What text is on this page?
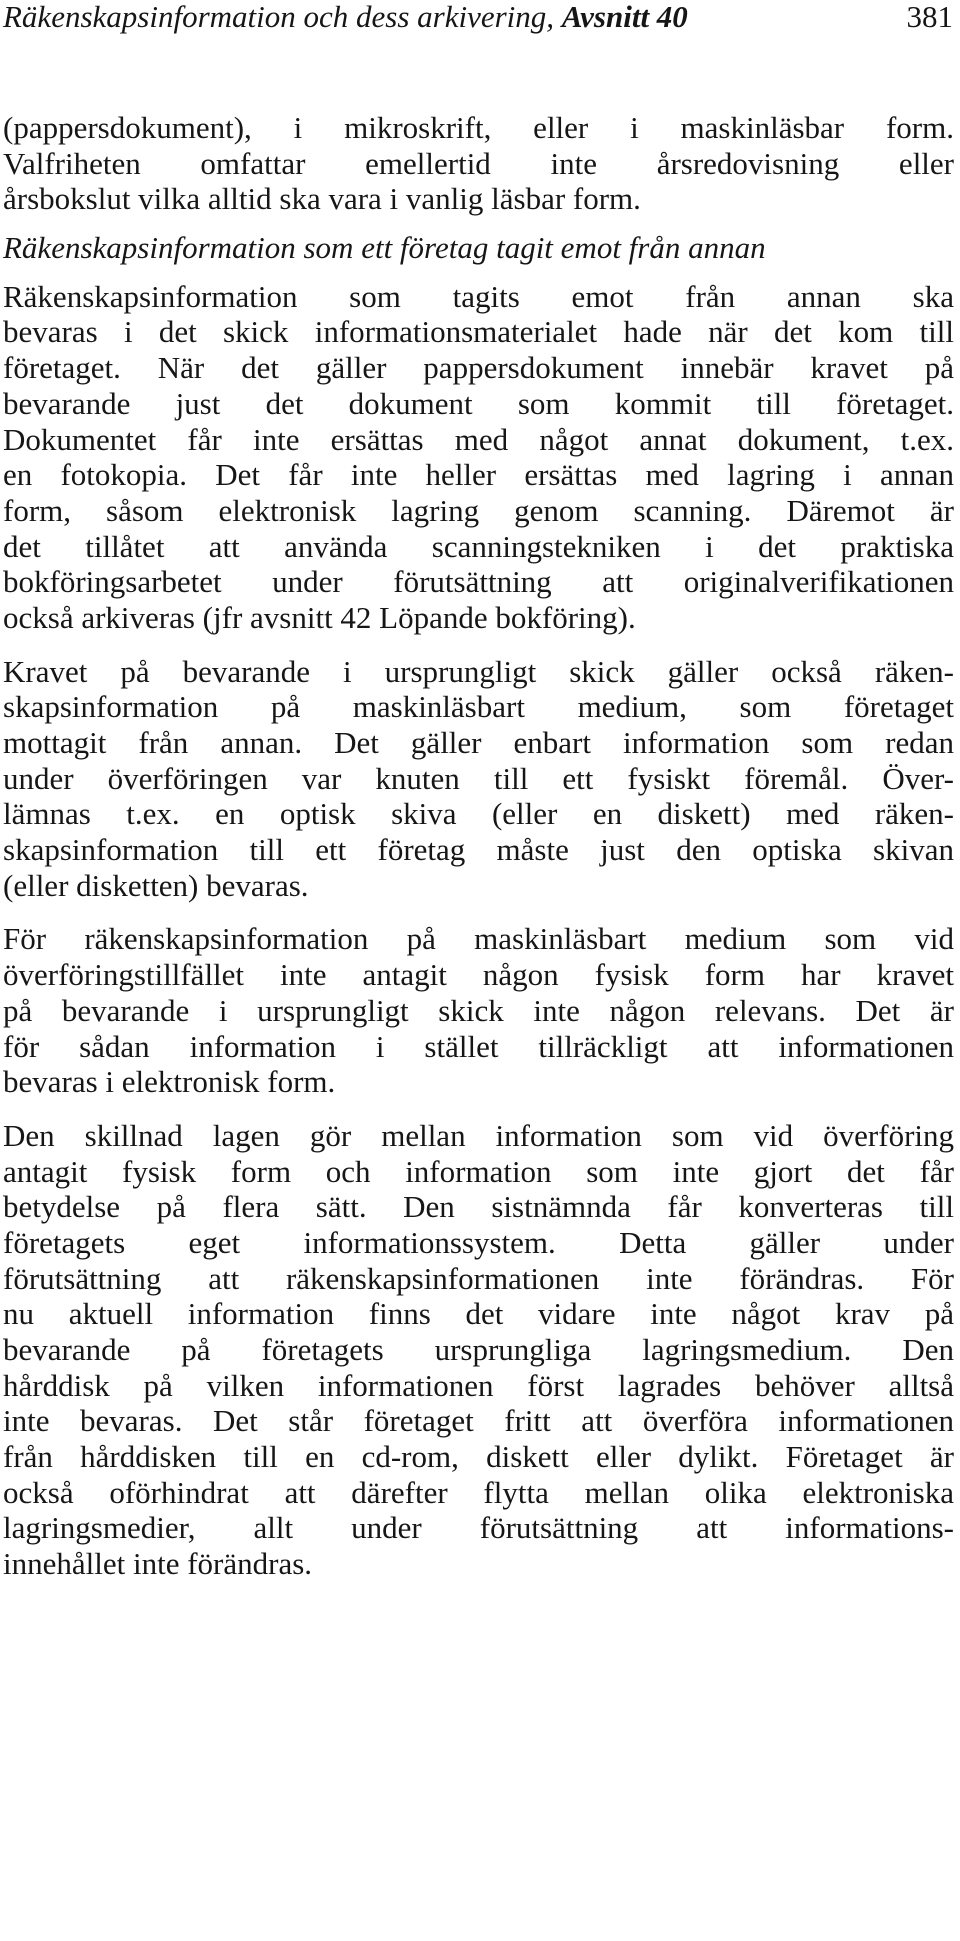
Räkenskapsinformation och dess arkivering, Avsnitt 40	381
(pappersdokument), i mikroskrift, eller i maskinläsbar form.
Valfriheten omfattar emellertid inte årsredovisning eller
årsbokslut vilka alltid ska vara i vanlig läsbar form.
Räkenskapsinformation som ett företag tagit emot från annan
Räkenskapsinformation som tagits emot från annan ska
bevaras i det skick informationsmaterialet hade när det kom till
företaget. När det gäller pappersdokument innebär kravet på
bevarande just det dokument som kommit till företaget.
Dokumentet får inte ersättas med något annat dokument, t.ex.
en fotokopia. Det får inte heller ersättas med lagring i annan
form, såsom elektronisk lagring genom scanning. Däremot är
det tillåtet att använda scanningstekniken i det praktiska
bokföringsarbetet under förutsättning att originalverifikationen
också arkiveras (jfr avsnitt 42 Löpande bokföring).
Kravet på bevarande i ursprungligt skick gäller också räken-
skapsinformation på maskinläsbart medium, som företaget
mottagit från annan. Det gäller enbart information som redan
under överföringen var knuten till ett fysiskt föremål. Över-
lämnas t.ex. en optisk skiva (eller en diskett) med räken-
skapsinformation till ett företag måste just den optiska skivan
(eller disketten) bevaras.
För räkenskapsinformation på maskinläsbart medium som vid
överföringstillfället inte antagit någon fysisk form har kravet
på bevarande i ursprungligt skick inte någon relevans. Det är
för sådan information i stället tillräckligt att informationen
bevaras i elektronisk form.
Den skillnad lagen gör mellan information som vid överföring
antagit fysisk form och information som inte gjort det får
betydelse på flera sätt. Den sistnämnda får konverteras till
företagets eget informationssystem. Detta gäller under
förutsättning att räkenskapsinformationen inte förändras. För
nu aktuell information finns det vidare inte något krav på
bevarande på företagets ursprungliga lagringsmedium. Den
hårddisk på vilken informationen först lagrades behöver alltså
inte bevaras. Det står företaget fritt att överföra informationen
från hårddisken till en cd-rom, diskett eller dylikt. Företaget är
också oförhindrat att därefter flytta mellan olika elektroniska
lagringsmedier, allt under förutsättning att informations-
innehållet inte förändras.
